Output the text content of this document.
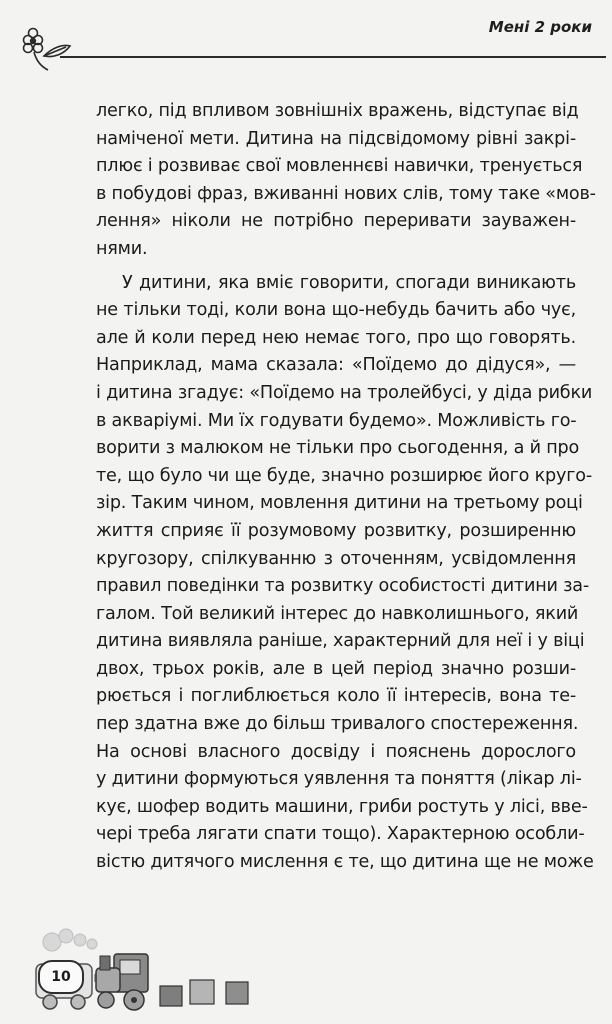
Мені 2 роки

легко, під впливом зовнішніх вражень, відступає від
наміченої мети. Дитина на підсвідомому рівні закрі-
плює і розвиває свої мовленнєві навички, тренується
в побудові фраз, вживанні нових слів, тому таке «мов-
лення» ніколи не потрібно переривати зауважен-
нями.

У дитини, яка вміє говорити, спогади виникають
не тільки тоді, коли вона що-небудь бачить або чує,
але й коли перед нею немає того, про що говорять.
Наприклад, мама сказала: «Поїдемо до дідуся», —
і дитина згадує: «Поїдемо на тролейбусі, у діда рибки
в акваріумі. Ми їх годувати будемо». Можливість го-
ворити з малюком не тільки про сьогодення, а й про
те, що було чи ще буде, значно розширює його круго-
зір. Таким чином, мовлення дитини на третьому році
життя сприяє її розумовому розвитку, розширенню
кругозору, спілкуванню з оточенням, усвідомлення
правил поведінки та розвитку особистості дитини за-
галом. Той великий інтерес до навколишнього, який
дитина виявляла раніше, характерний для неї і у віці
двох, трьох років, але в цей період значно розши-
рюється і поглиблюється коло її інтересів, вона те-
пер здатна вже до більш тривалого спостереження.
На основі власного досвіду і пояснень дорослого
у дитини формуються уявлення та поняття (лікар лі-
кує, шофер водить машини, гриби ростуть у лісі, вве-
чері треба лягати спати тощо). Характерною особли-
вістю дитячого мислення є те, що дитина ще не може

10
